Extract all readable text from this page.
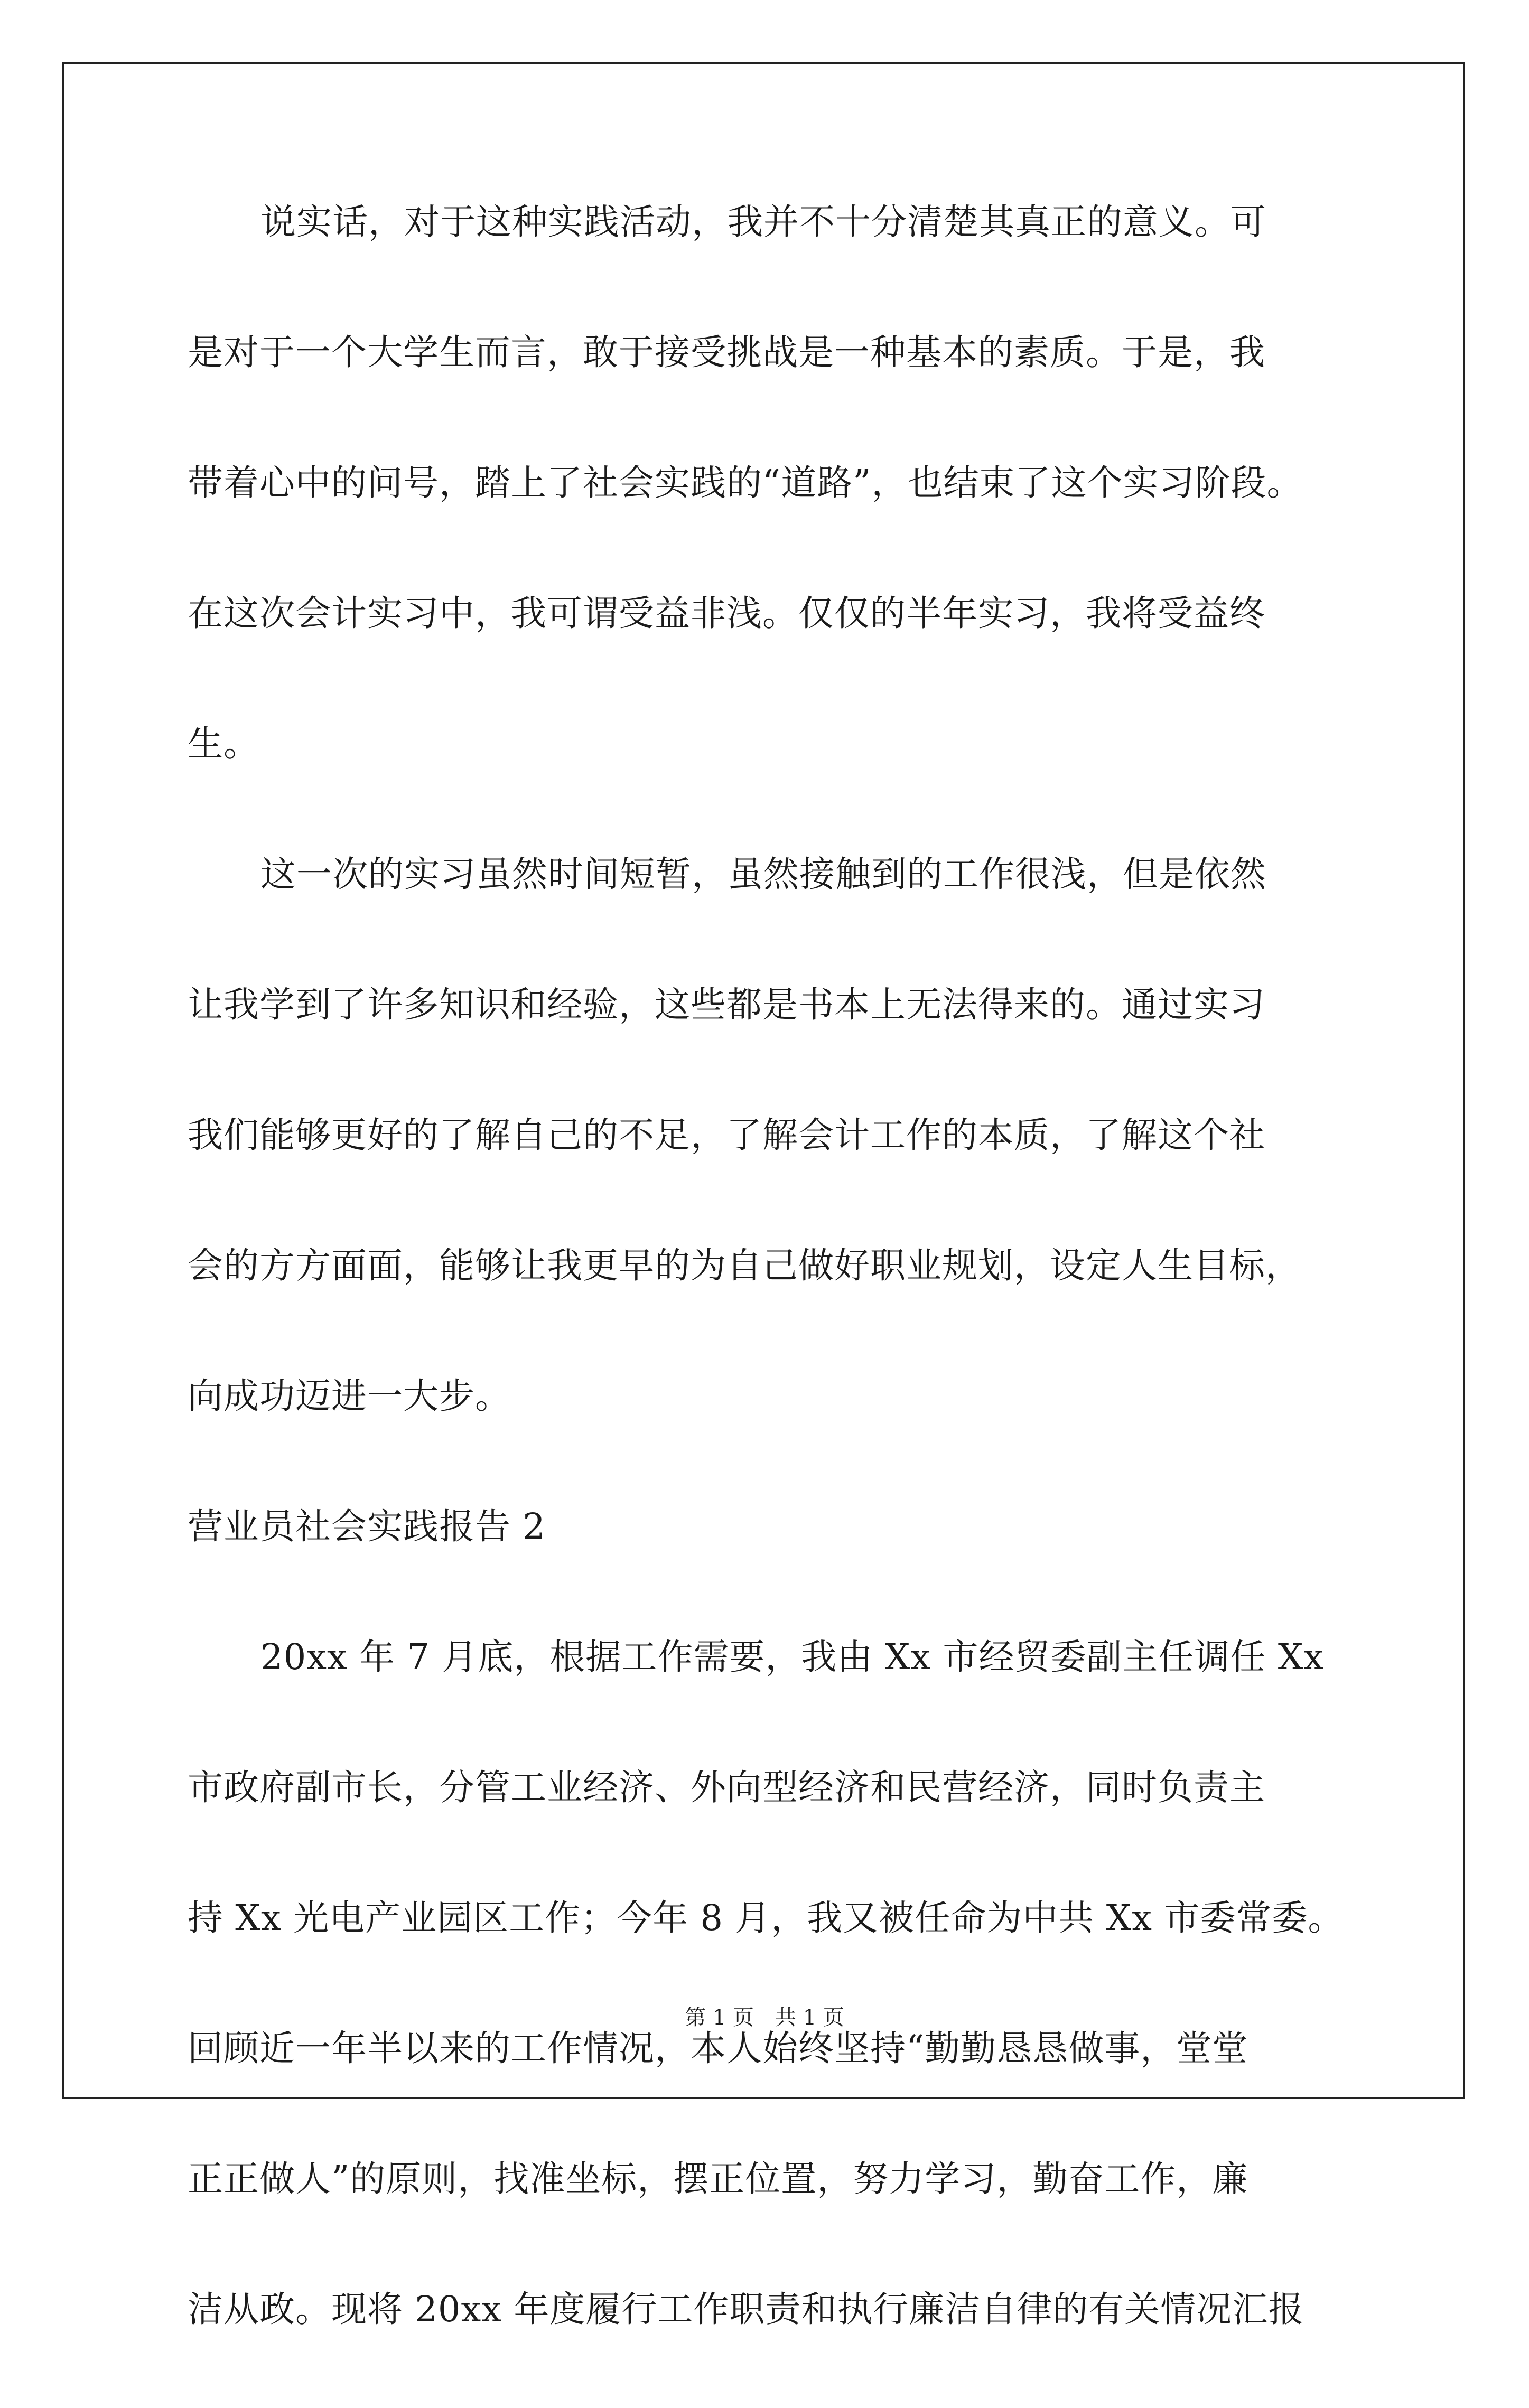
说实话，对于这种实践活动，我并不十分清楚其真正的意义。可
是对于一个大学生而言，敢于接受挑战是一种基本的素质。于是，我
带着心中的问号，踏上了社会实践的“道路”，也结束了这个实习阶段。
在这次会计实习中，我可谓受益非浅。仅仅的半年实习，我将受益终
生。
这一次的实习虽然时间短暂，虽然接触到的工作很浅，但是依然
让我学到了许多知识和经验，这些都是书本上无法得来的。通过实习
我们能够更好的了解自己的不足，了解会计工作的本质，了解这个社
会的方方面面，能够让我更早的为自己做好职业规划，设定人生目标，
向成功迈进一大步。
营业员社会实践报告 2
20xx 年 7 月底，根据工作需要，我由 Xx 市经贸委副主任调任 Xx
市政府副市长，分管工业经济、外向型经济和民营经济，同时负责主
持 Xx 光电产业园区工作；今年 8 月，我又被任命为中共 Xx 市委常委。
回顾近一年半以来的工作情况，本人始终坚持“勤勤恳恳做事，堂堂
正正做人”的原则，找准坐标，摆正位置，努力学习，勤奋工作，廉
洁从政。现将 20xx 年度履行工作职责和执行廉洁自律的有关情况汇报
第 1 页　共 1 页
